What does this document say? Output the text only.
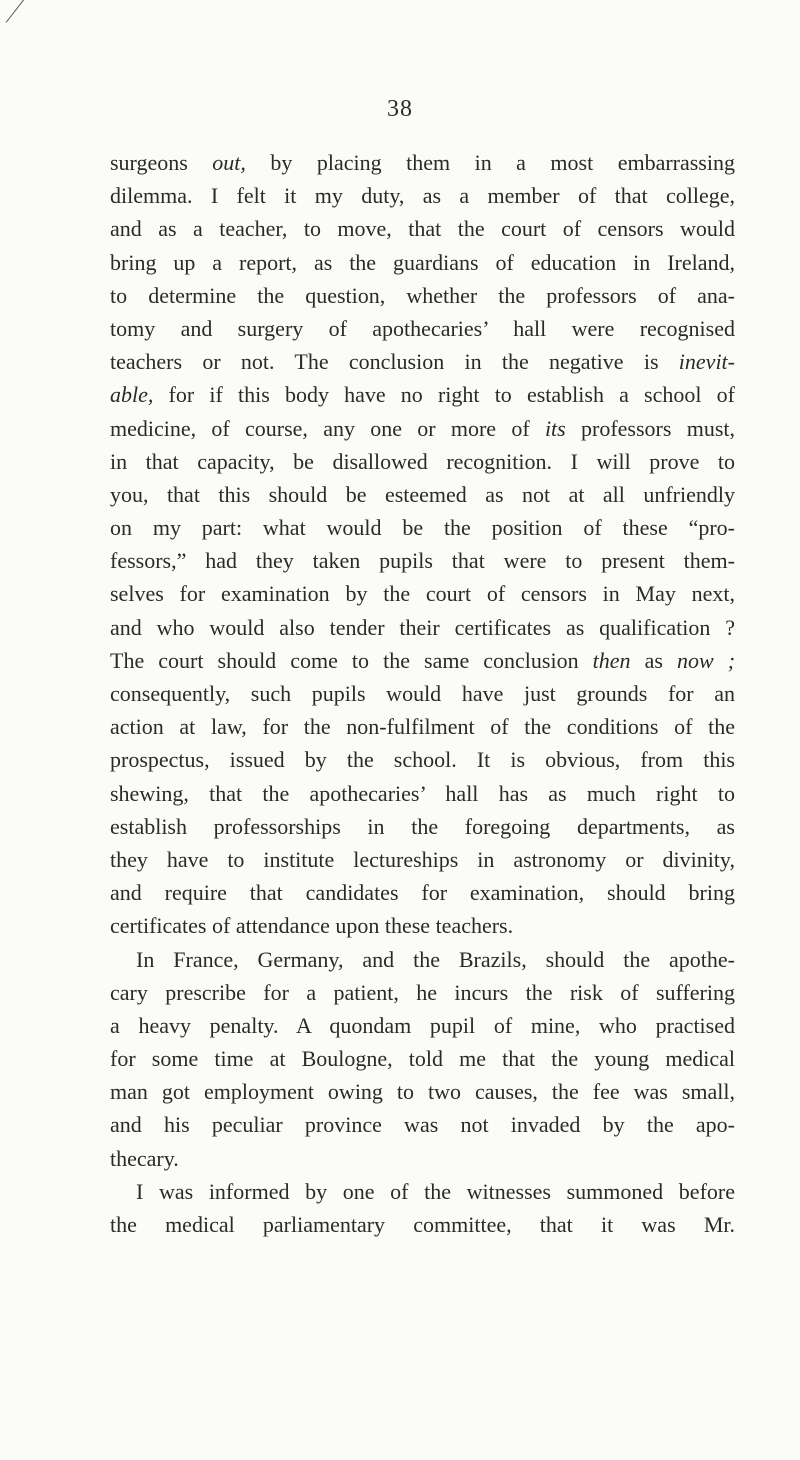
38
surgeons out, by placing them in a most embarrassing
dilemma. I felt it my duty, as a member of that college,
and as a teacher, to move, that the court of censors would
bring up a report, as the guardians of education in Ireland,
to determine the question, whether the professors of ana-
tomy and surgery of apothecaries’ hall were recognised
teachers or not. The conclusion in the negative is inevit-
able, for if this body have no right to establish a school of
medicine, of course, any one or more of its professors must,
in that capacity, be disallowed recognition. I will prove to
you, that this should be esteemed as not at all unfriendly
on my part: what would be the position of these “pro-
fessors,” had they taken pupils that were to present them-
selves for examination by the court of censors in May next,
and who would also tender their certificates as qualification ?
The court should come to the same conclusion then as now ;
consequently, such pupils would have just grounds for an
action at law, for the non-fulfilment of the conditions of the
prospectus, issued by the school. It is obvious, from this
shewing, that the apothecaries’ hall has as much right to
establish professorships in the foregoing departments, as
they have to institute lectureships in astronomy or divinity,
and require that candidates for examination, should bring
certificates of attendance upon these teachers.
In France, Germany, and the Brazils, should the apothe-
cary prescribe for a patient, he incurs the risk of suffering
a heavy penalty. A quondam pupil of mine, who practised
for some time at Boulogne, told me that the young medical
man got employment owing to two causes, the fee was small,
and his peculiar province was not invaded by the apo-
thecary.
I was informed by one of the witnesses summoned before
the medical parliamentary committee, that it was Mr.
